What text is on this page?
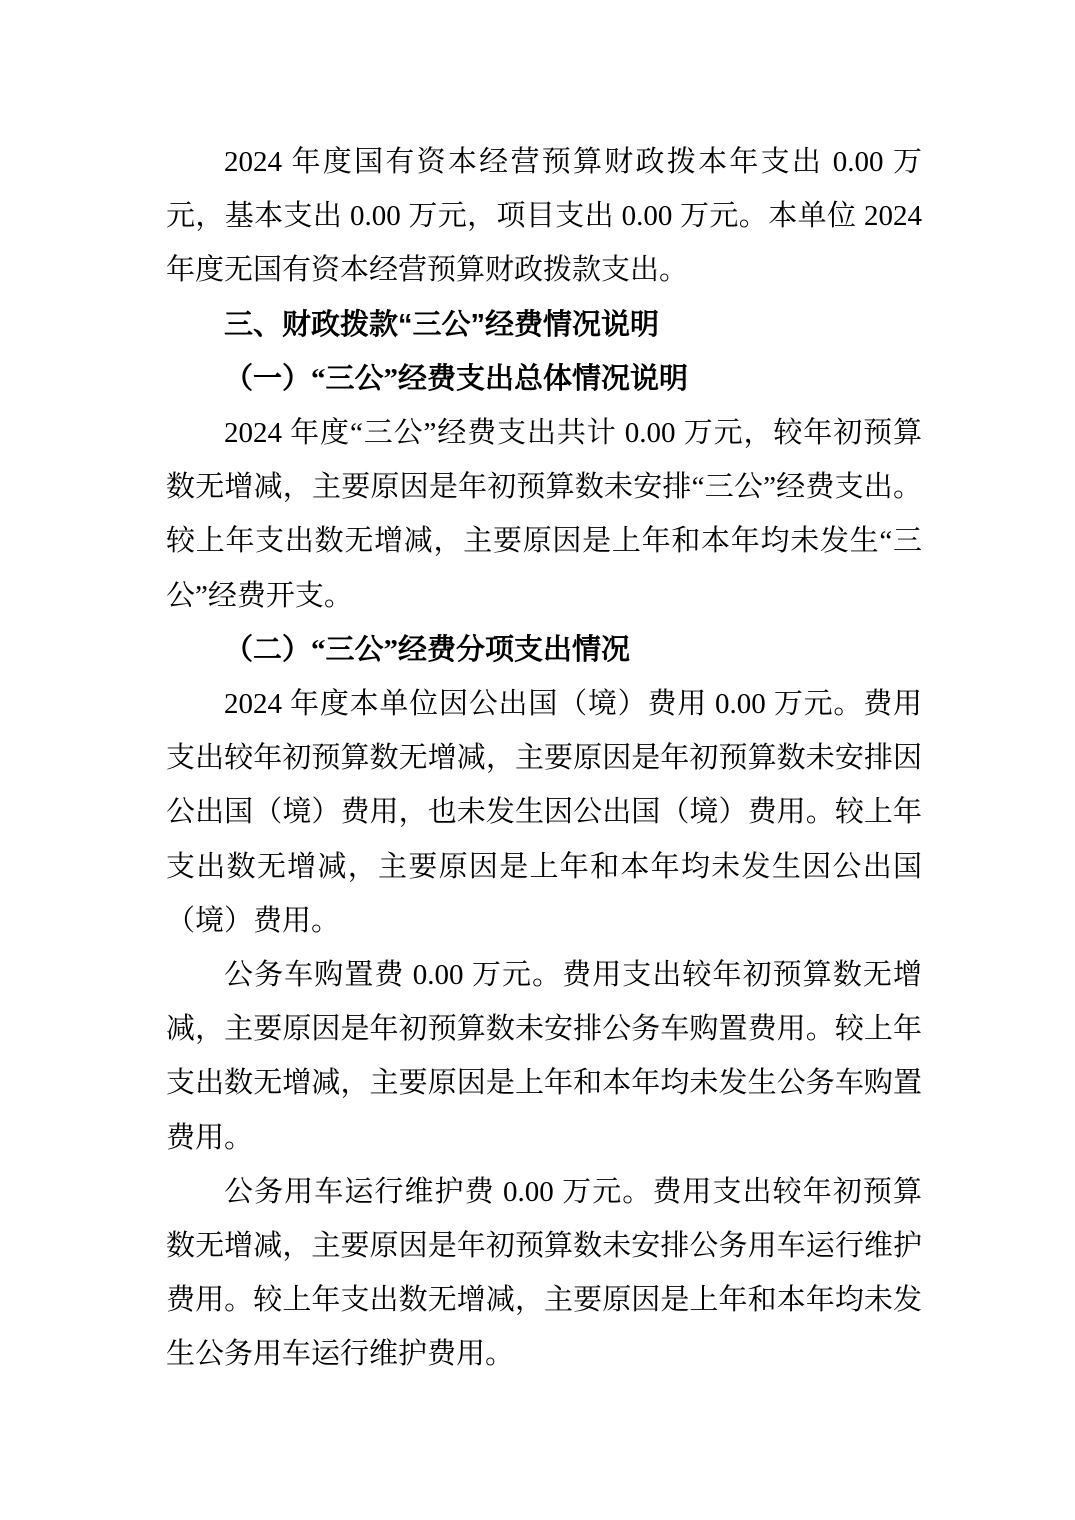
2024 年度国有资本经营预算财政拨本年支出 0.00 万元，基本支出 0.00 万元，项目支出 0.00 万元。本单位 2024 年度无国有资本经营预算财政拨款支出。

三、财政拨款“三公”经费情况说明
（一）“三公”经费支出总体情况说明

2024 年度“三公”经费支出共计 0.00 万元，较年初预算数无增减，主要原因是年初预算数未安排“三公”经费支出。较上年支出数无增减，主要原因是上年和本年均未发生“三公”经费开支。

（二）“三公”经费分项支出情况

2024 年度本单位因公出国（境）费用 0.00 万元。费用支出较年初预算数无增减，主要原因是年初预算数未安排因公出国（境）费用，也未发生因公出国（境）费用。较上年支出数无增减，主要原因是上年和本年均未发生因公出国（境）费用。

公务车购置费 0.00 万元。费用支出较年初预算数无增减，主要原因是年初预算数未安排公务车购置费用。较上年支出数无增减，主要原因是上年和本年均未发生公务车购置费用。

公务用车运行维护费 0.00 万元。费用支出较年初预算数无增减，主要原因是年初预算数未安排公务用车运行维护费用。较上年支出数无增减，主要原因是上年和本年均未发生公务用车运行维护费用。
